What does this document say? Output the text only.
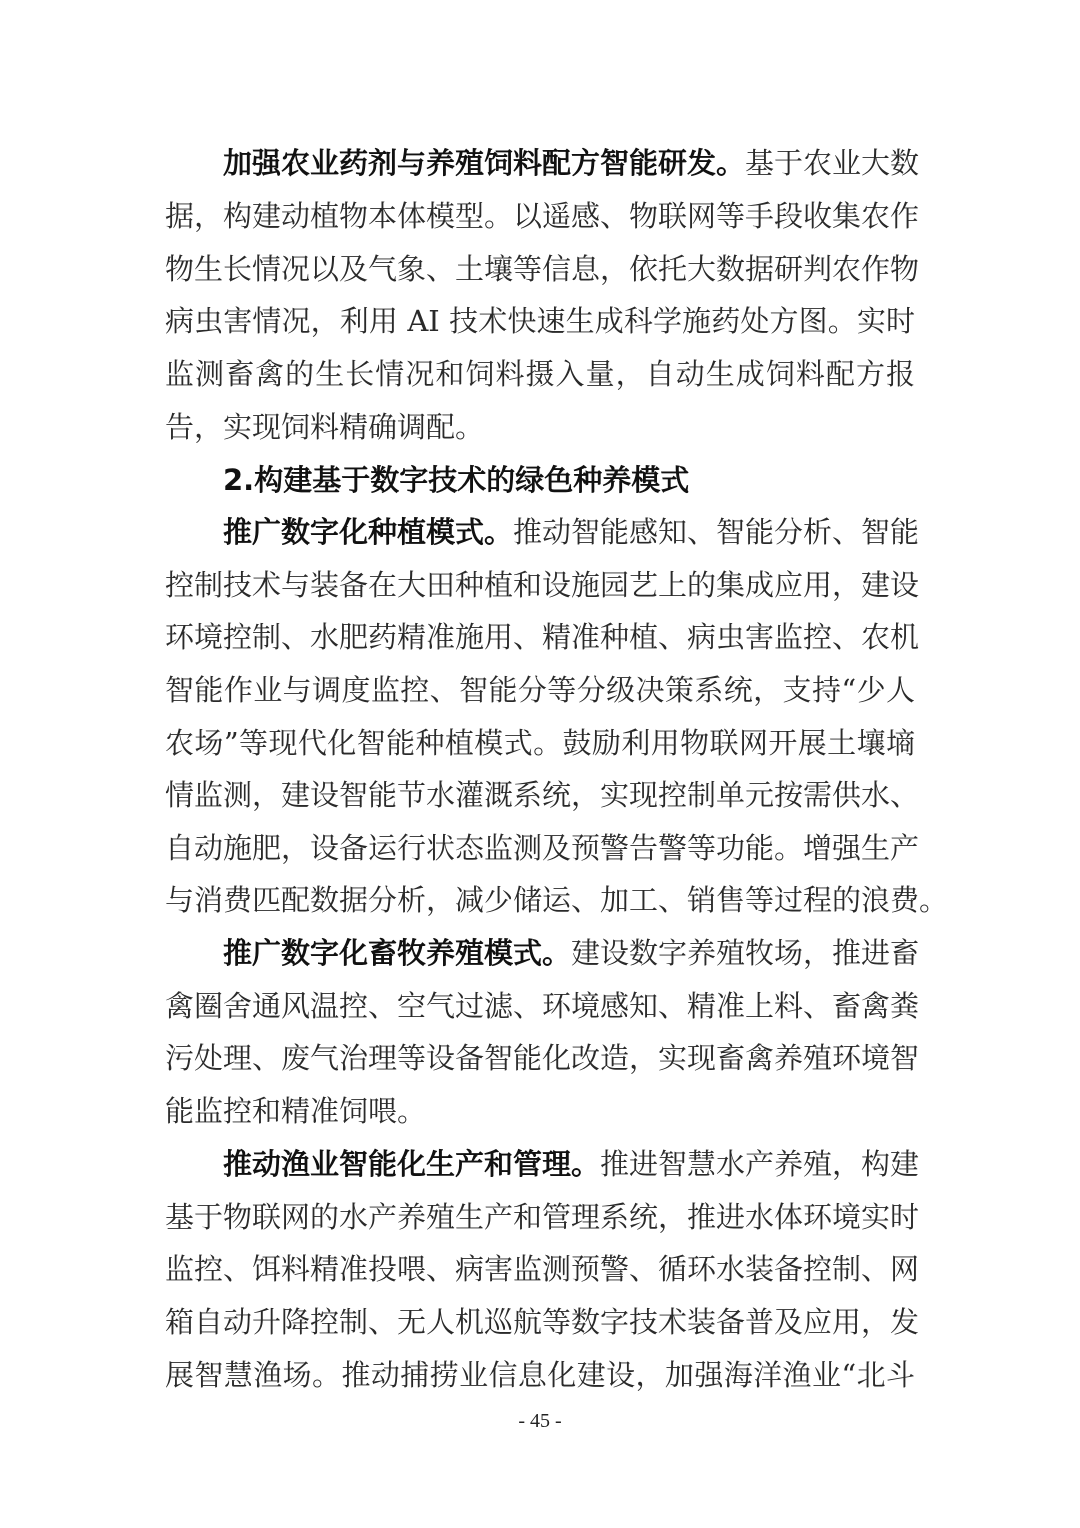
加强农业药剂与养殖饲料配方智能研发。基于农业大数
据，构建动植物本体模型。以遥感、物联网等手段收集农作
物生长情况以及气象、土壤等信息，依托大数据研判农作物
病虫害情况，利用 AI 技术快速生成科学施药处方图。实时
监测畜禽的生长情况和饲料摄入量，自动生成饲料配方报
告，实现饲料精确调配。
2.构建基于数字技术的绿色种养模式
推广数字化种植模式。推动智能感知、智能分析、智能
控制技术与装备在大田种植和设施园艺上的集成应用，建设
环境控制、水肥药精准施用、精准种植、病虫害监控、农机
智能作业与调度监控、智能分等分级决策系统，支持“少人
农场”等现代化智能种植模式。鼓励利用物联网开展土壤墒
情监测，建设智能节水灌溉系统，实现控制单元按需供水、
自动施肥，设备运行状态监测及预警告警等功能。增强生产
与消费匹配数据分析，减少储运、加工、销售等过程的浪费。
推广数字化畜牧养殖模式。建设数字养殖牧场，推进畜
禽圈舍通风温控、空气过滤、环境感知、精准上料、畜禽粪
污处理、废气治理等设备智能化改造，实现畜禽养殖环境智
能监控和精准饲喂。
推动渔业智能化生产和管理。推进智慧水产养殖，构建
基于物联网的水产养殖生产和管理系统，推进水体环境实时
监控、饵料精准投喂、病害监测预警、循环水装备控制、网
箱自动升降控制、无人机巡航等数字技术装备普及应用，发
展智慧渔场。推动捕捞业信息化建设，加强海洋渔业“北斗
- 45 -
